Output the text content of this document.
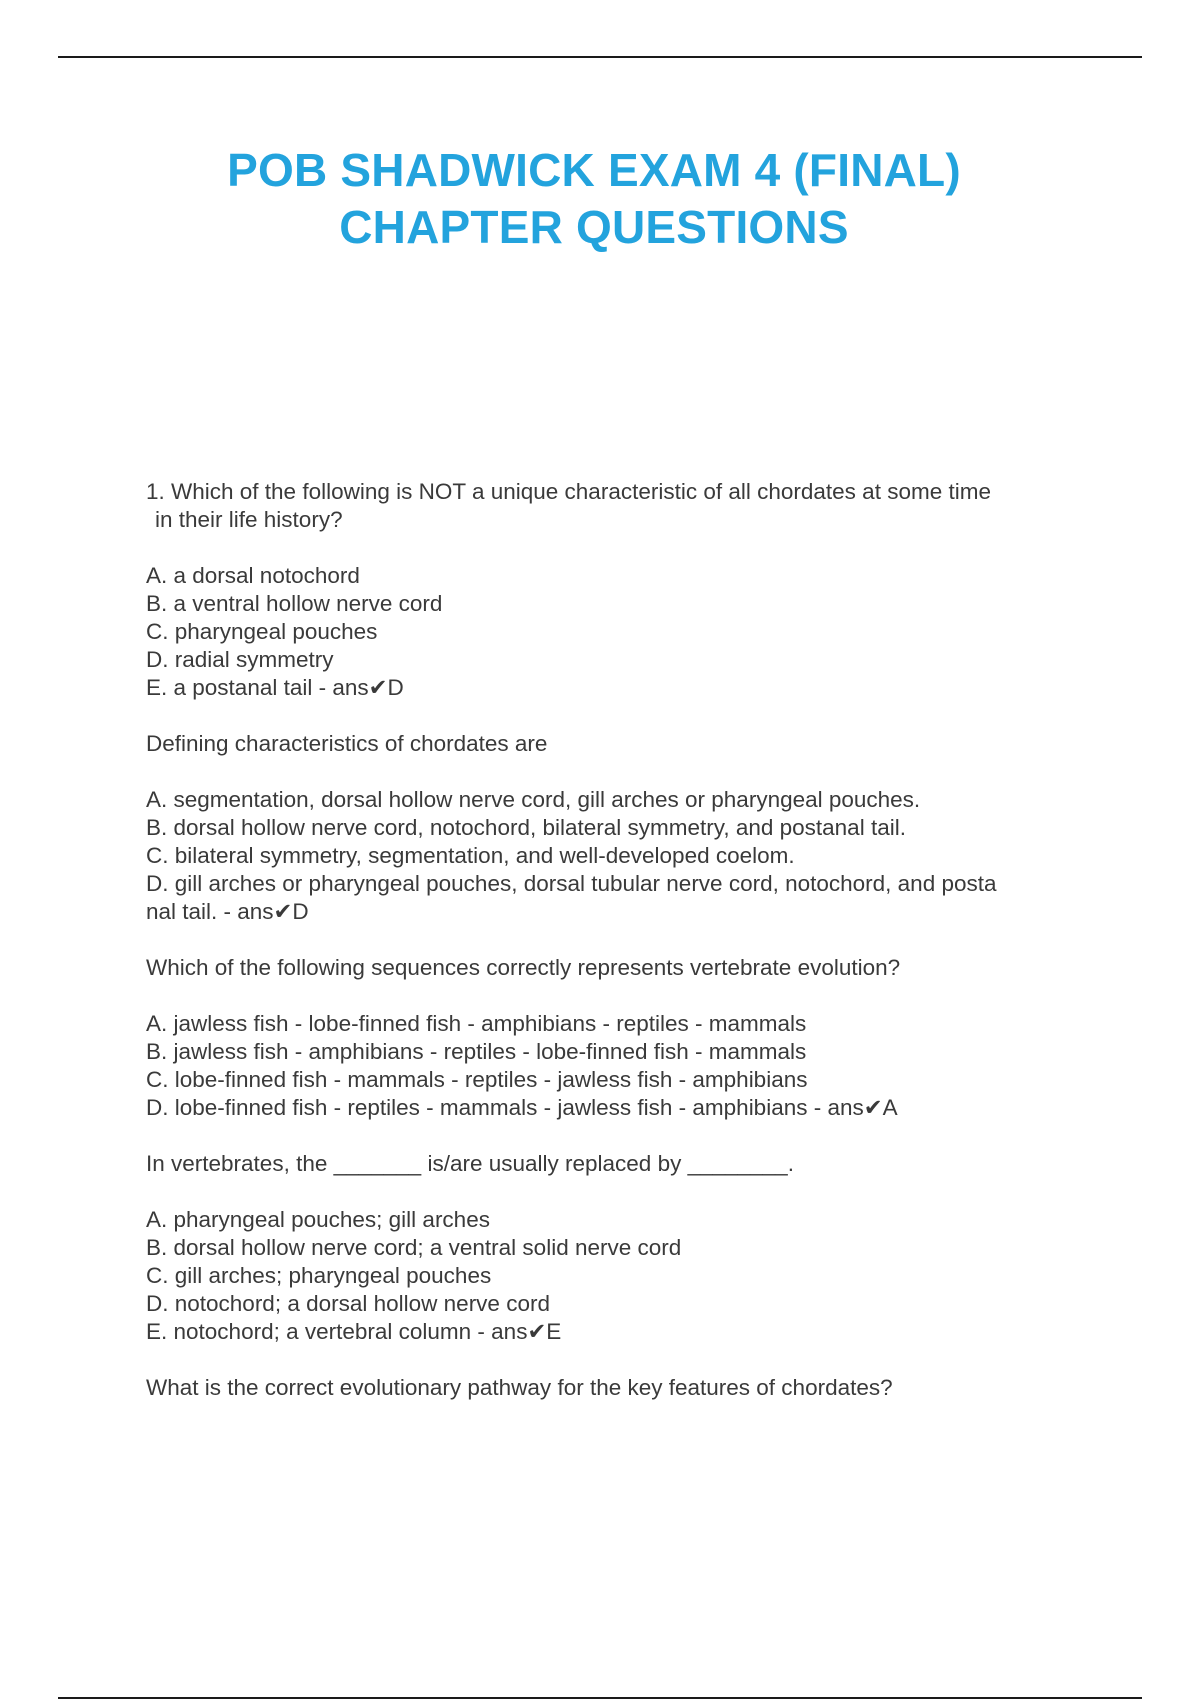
POB SHADWICK EXAM 4 (FINAL)
CHAPTER QUESTIONS
1. Which of the following is NOT a unique characteristic of all chordates at some time
in their life history?
A. a dorsal notochord
B. a ventral hollow nerve cord
C. pharyngeal pouches
D. radial symmetry
E. a postanal tail - ans✔D
Defining characteristics of chordates are
A. segmentation, dorsal hollow nerve cord, gill arches or pharyngeal pouches.
B. dorsal hollow nerve cord, notochord, bilateral symmetry, and postanal tail.
C. bilateral symmetry, segmentation, and well-developed coelom.
D. gill arches or pharyngeal pouches, dorsal tubular nerve cord, notochord, and posta
nal tail. - ans✔D
Which of the following sequences correctly represents vertebrate evolution?
A. jawless fish - lobe-finned fish - amphibians - reptiles - mammals
B. jawless fish - amphibians - reptiles - lobe-finned fish - mammals
C. lobe-finned fish - mammals - reptiles - jawless fish - amphibians
D. lobe-finned fish - reptiles - mammals - jawless fish - amphibians - ans✔A
In vertebrates, the _______ is/are usually replaced by ________.
A. pharyngeal pouches; gill arches
B. dorsal hollow nerve cord; a ventral solid nerve cord
C. gill arches; pharyngeal pouches
D. notochord; a dorsal hollow nerve cord
E. notochord; a vertebral column - ans✔E
What is the correct evolutionary pathway for the key features of chordates?
